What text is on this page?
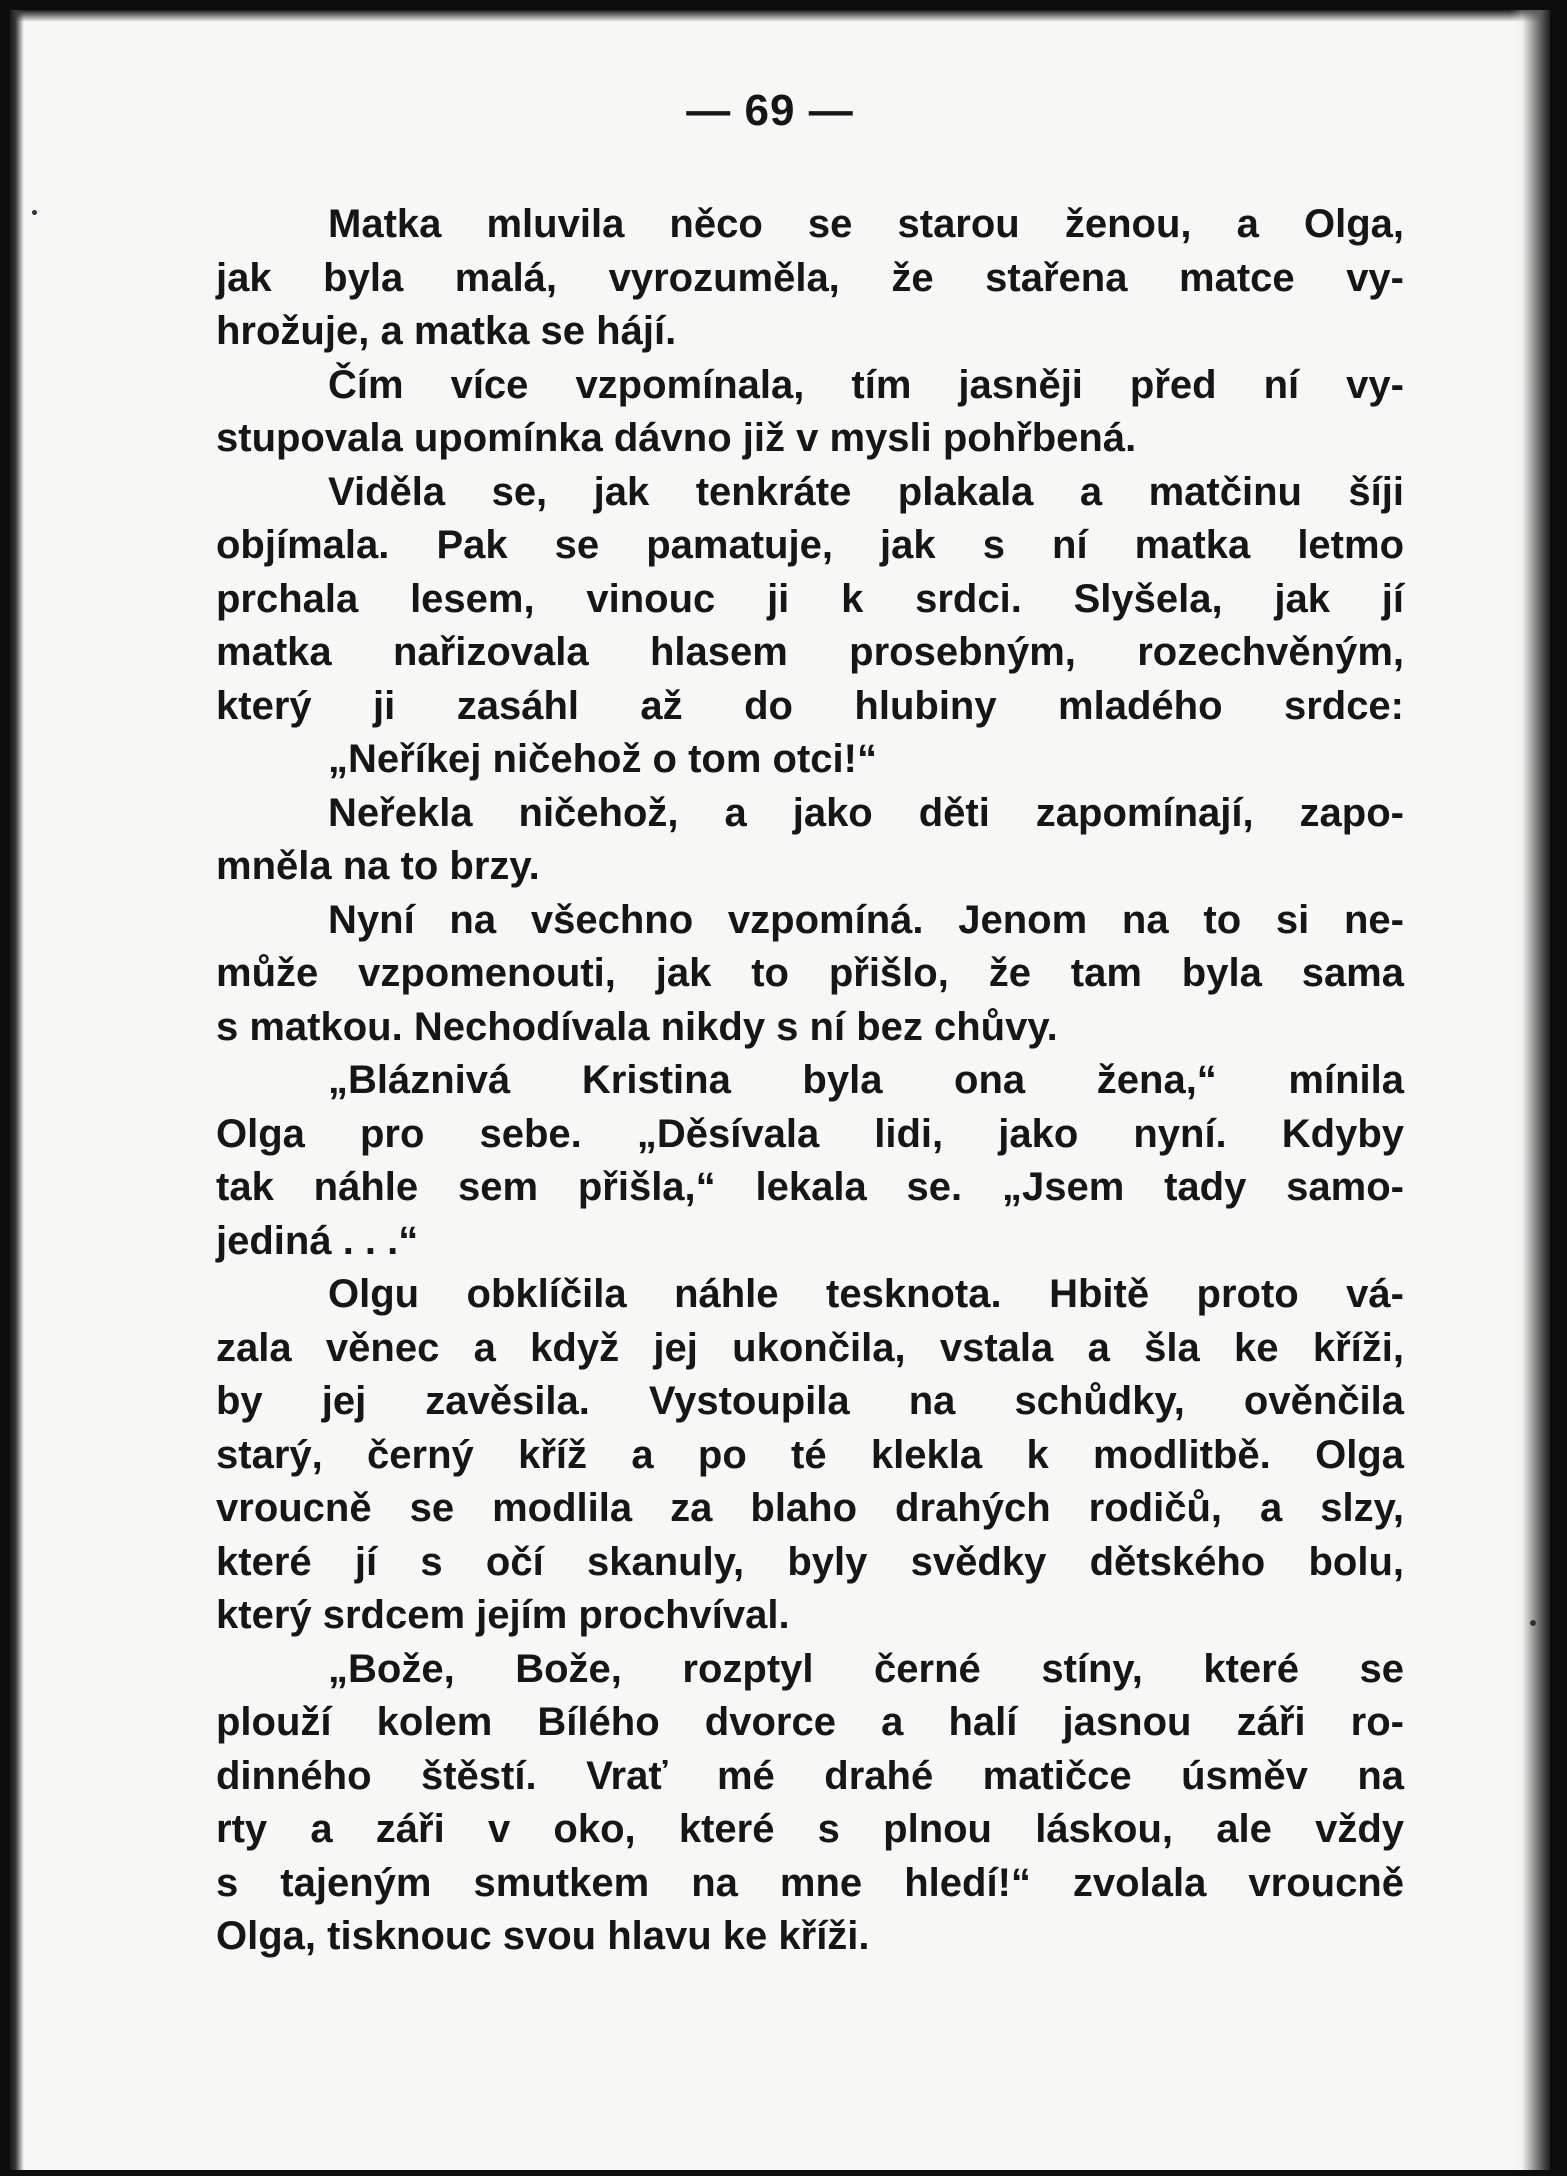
— 69 —
Matka mluvila něco se starou ženou, a Olga,
jak byla malá, vyrozuměla, že stařena matce vy-
hrožuje, a matka se hájí.
Čím více vzpomínala, tím jasněji před ní vy-
stupovala upomínka dávno již v mysli pohřbená.
Viděla se, jak tenkráte plakala a matčinu šíji
objímala. Pak se pamatuje, jak s ní matka letmo
prchala lesem, vinouc ji k srdci. Slyšela, jak jí
matka nařizovala hlasem prosebným, rozechvěným,
který ji zasáhl až do hlubiny mladého srdce:
„Neříkej ničehož o tom otci!“
Neřekla ničehož, a jako děti zapomínají, zapo-
mněla na to brzy.
Nyní na všechno vzpomíná. Jenom na to si ne-
může vzpomenouti, jak to přišlo, že tam byla sama
s matkou. Nechodívala nikdy s ní bez chůvy.
„Bláznivá Kristina byla ona žena,“ mínila
Olga pro sebe. „Děsívala lidi, jako nyní. Kdyby
tak náhle sem přišla,“ lekala se. „Jsem tady samo-
jediná . . .“
Olgu obklíčila náhle tesknota. Hbitě proto vá-
zala věnec a když jej ukončila, vstala a šla ke kříži,
by jej zavěsila. Vystoupila na schůdky, ověnčila
starý, černý kříž a po té klekla k modlitbě. Olga
vroucně se modlila za blaho drahých rodičů, a slzy,
které jí s očí skanuly, byly svědky dětského bolu,
který srdcem jejím prochvíval.
„Bože, Bože, rozptyl černé stíny, které se
plouží kolem Bílého dvorce a halí jasnou záři ro-
dinného štěstí. Vrať mé drahé matičce úsměv na
rty a záři v oko, které s plnou láskou, ale vždy
s tajeným smutkem na mne hledí!“ zvolala vroucně
Olga, tisknouc svou hlavu ke kříži.
